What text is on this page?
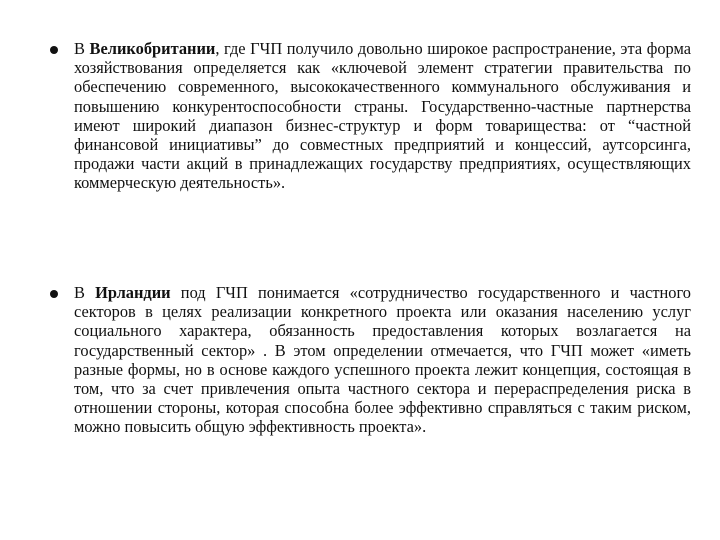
В Великобритании, где ГЧП получило довольно широкое распространение, эта форма хозяйствования определяется как «ключевой элемент стратегии правительства по обеспечению современного, высококачественного коммунального обслуживания и повышению конкурентоспособности страны. Государственно-частные партнерства имеют широкий диапазон бизнес-структур и форм товарищества: от “частной финансовой инициативы” до совместных предприятий и концессий, аутсорсинга, продажи части акций в принадлежащих государству предприятиях, осуществляющих коммерческую деятельность».

В Ирландии под ГЧП понимается «сотрудничество государственного и частного секторов в целях реализации конкретного проекта или оказания населению услуг социального характера, обязанность предоставления которых возлагается на государственный сектор» . В этом определении отмечается, что ГЧП может «иметь разные формы, но в основе каждого успешного проекта лежит концепция, состоящая в том, что за счет привлечения опыта частного сектора и перераспределения риска в отношении стороны, которая способна более эффективно справляться с таким риском, можно повысить общую эффективность проекта».
